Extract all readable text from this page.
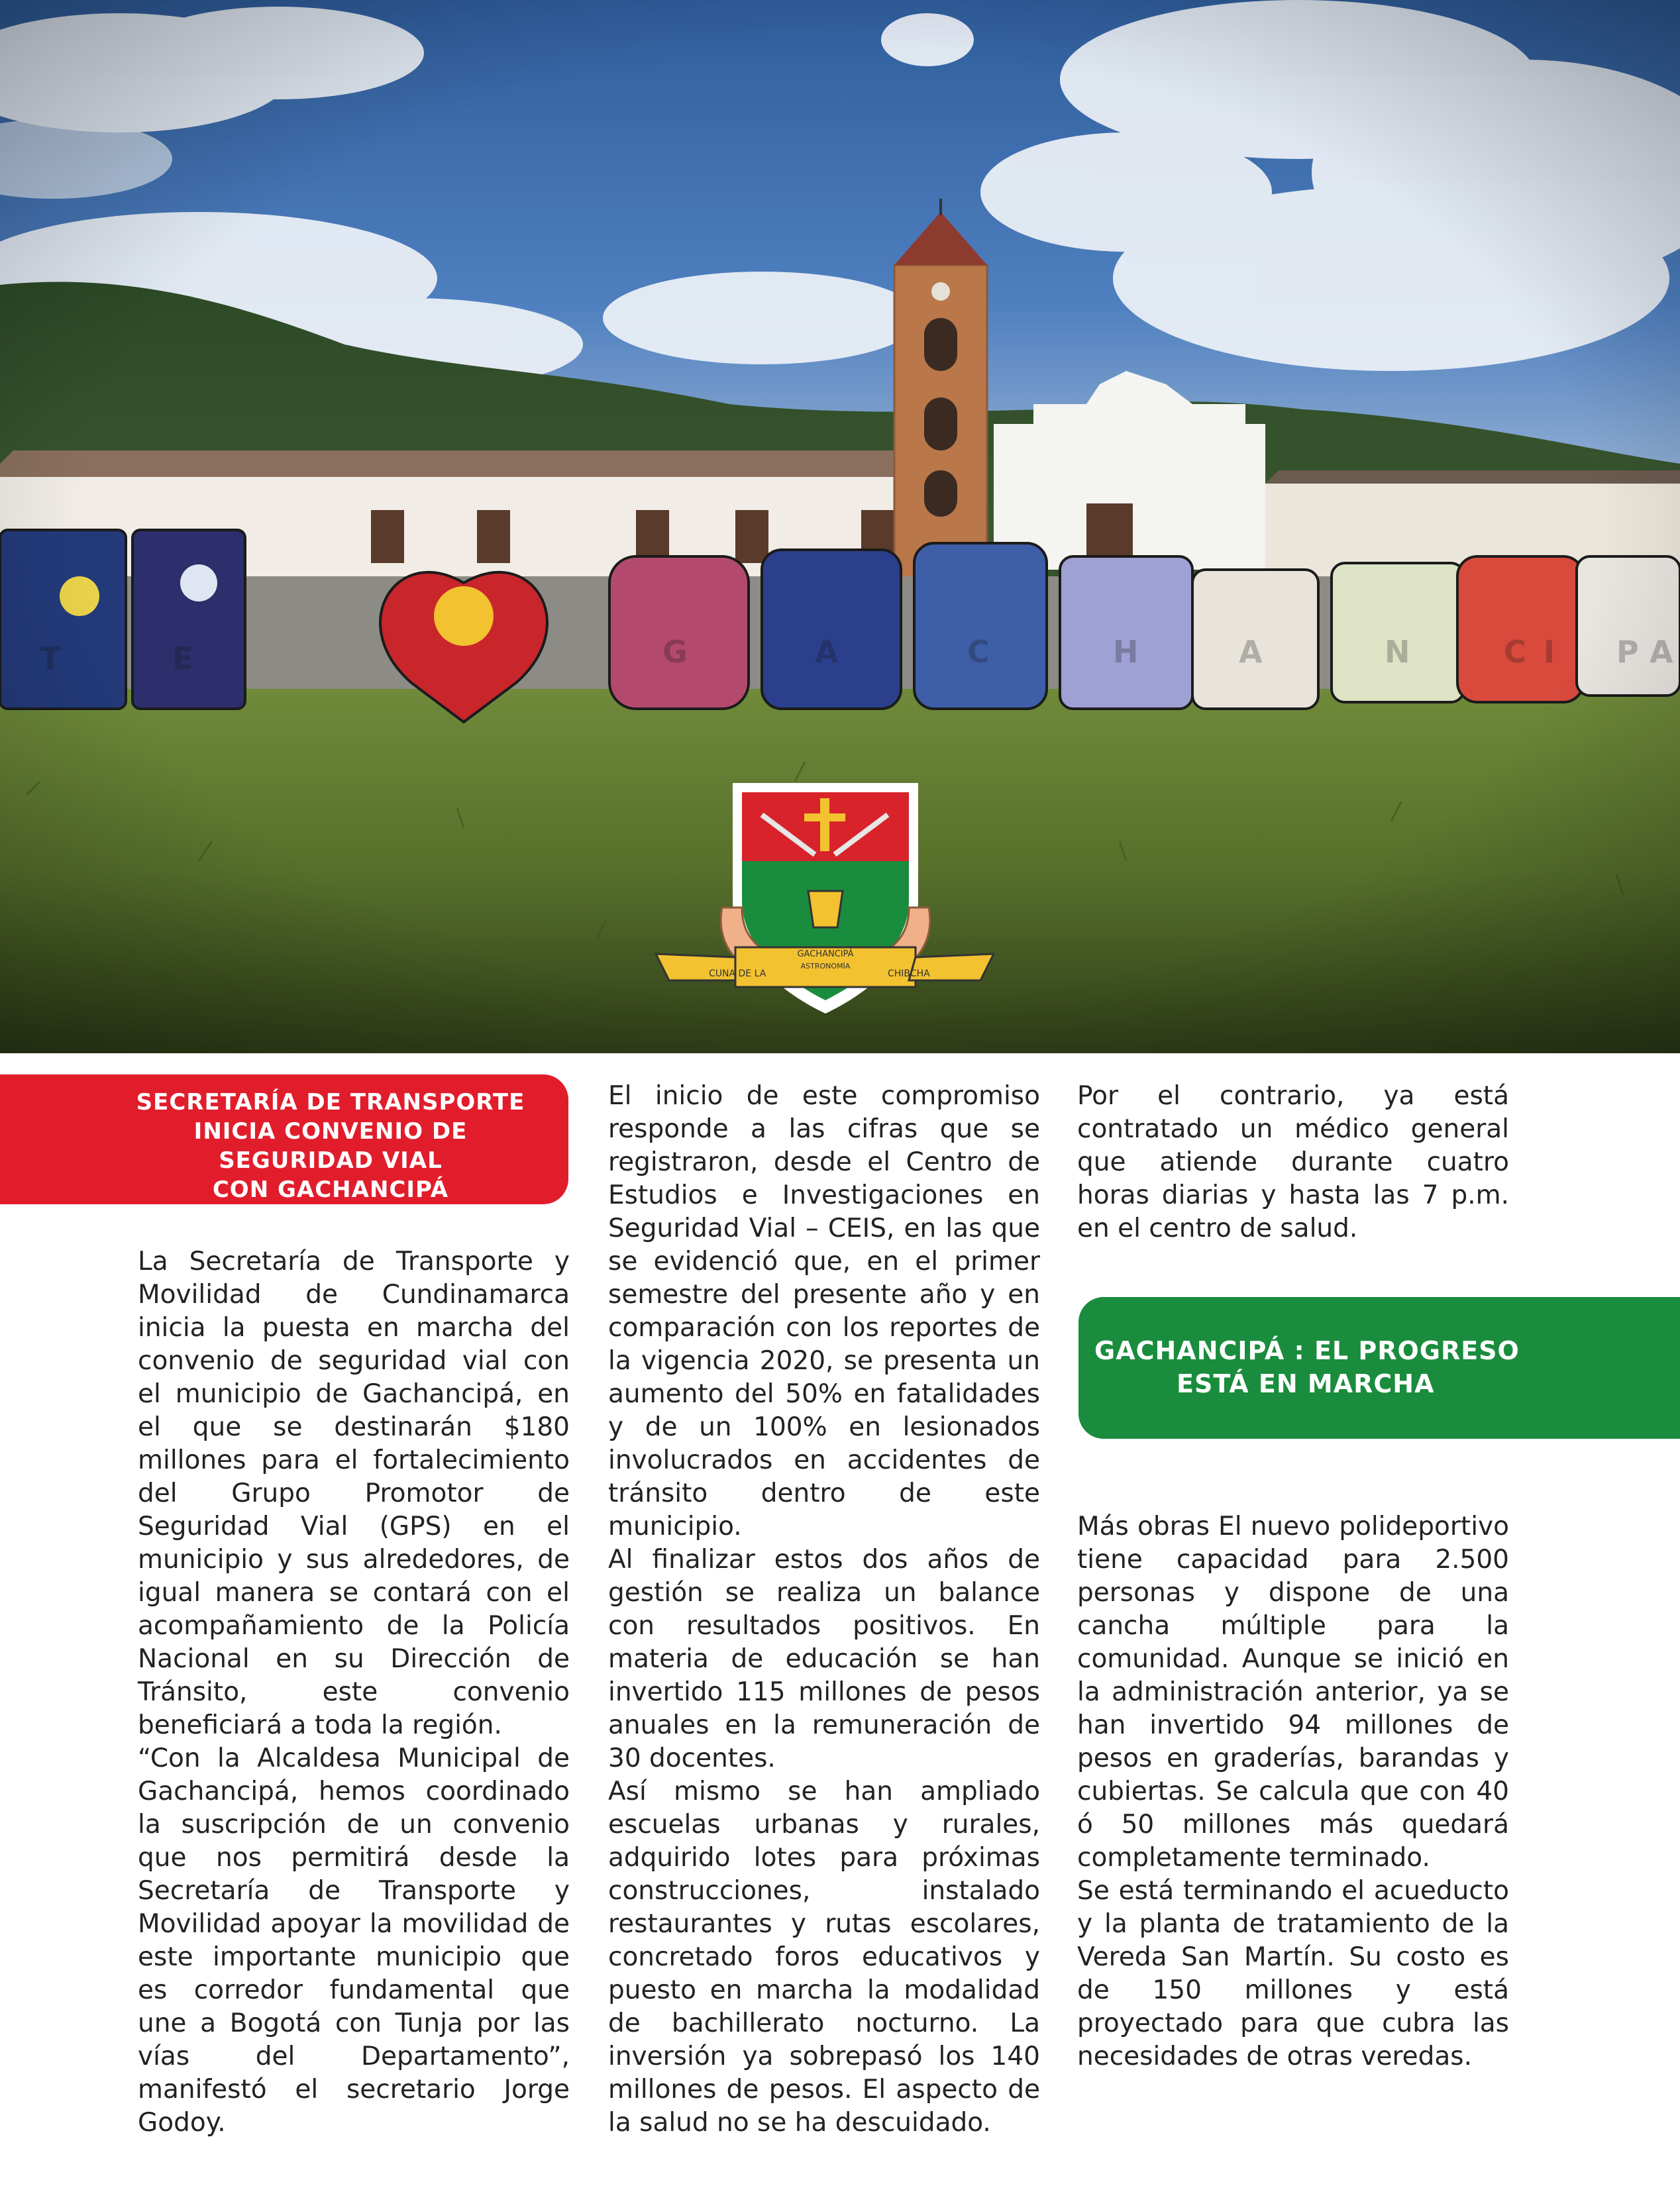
CUNA DE LA
GACHANCIPÁ
ASTRONOMÍA
CHIBCHA
SECRETARÍA DE TRANSPORTE
INICIA CONVENIO DE
SEGURIDAD VIAL
CON GACHANCIPÁ
GACHANCIPÁ : EL PROGRESO
ESTÁ EN MARCHA

La Secretaría de Transporte y Movilidad de Cundinamarca inicia la puesta en marcha del convenio de seguridad vial con el municipio de Gachancipá, en el que se destinarán $180 millones para el fortalecimiento del Grupo Promotor de Seguridad Vial (GPS) en el municipio y sus alrededores, de igual manera se contará con el acompañamiento de la Policía Nacional en su Dirección de Tránsito, este convenio beneficiará a toda la región.

“Con la Alcaldesa Municipal de Gachancipá, hemos coordinado la suscripción de un convenio que nos permitirá desde la Secretaría de Transporte y Movilidad apoyar la movilidad de este importante municipio que es corredor fundamental que une a Bogotá con Tunja por las vías del Departamento”, manifestó el secretario Jorge Godoy.

El inicio de este compromiso responde a las cifras que se registraron, desde el Centro de Estudios e Investigaciones en Seguridad Vial – CEIS, en las que se evidenció que, en el primer semestre del presente año y en comparación con los reportes de la vigencia 2020, se presenta un aumento del 50% en fatalidades y de un 100% en lesionados involucrados en accidentes de tránsito dentro de este municipio.

Al finalizar estos dos años de gestión se realiza un balance con resultados positivos. En materia de educación se han invertido 115 millones de pesos anuales en la remuneración de 30 docentes.

Así mismo se han ampliado escuelas urbanas y rurales, adquirido lotes para próximas construcciones, instalado restaurantes y rutas escolares, concretado foros educativos y puesto en marcha la modalidad de bachillerato nocturno. La inversión ya sobrepasó los 140 millones de pesos. El aspecto de la salud no se ha descuidado.

Por el contrario, ya está contratado un médico general que atiende durante cuatro horas diarias y hasta las 7 p.m. en el centro de salud.

Más obras El nuevo polideportivo tiene capacidad para 2.500 personas y dispone de una cancha múltiple para la comunidad. Aunque se inició en la administración anterior, ya se han invertido 94 millones de pesos en graderías, barandas y cubiertas. Se calcula que con 40 ó 50 millones más quedará completamente terminado.

Se está terminando el acueducto y la planta de tratamiento de la Vereda San Martín. Su costo es de 150 millones y está proyectado para que cubra las necesidades de otras veredas.
